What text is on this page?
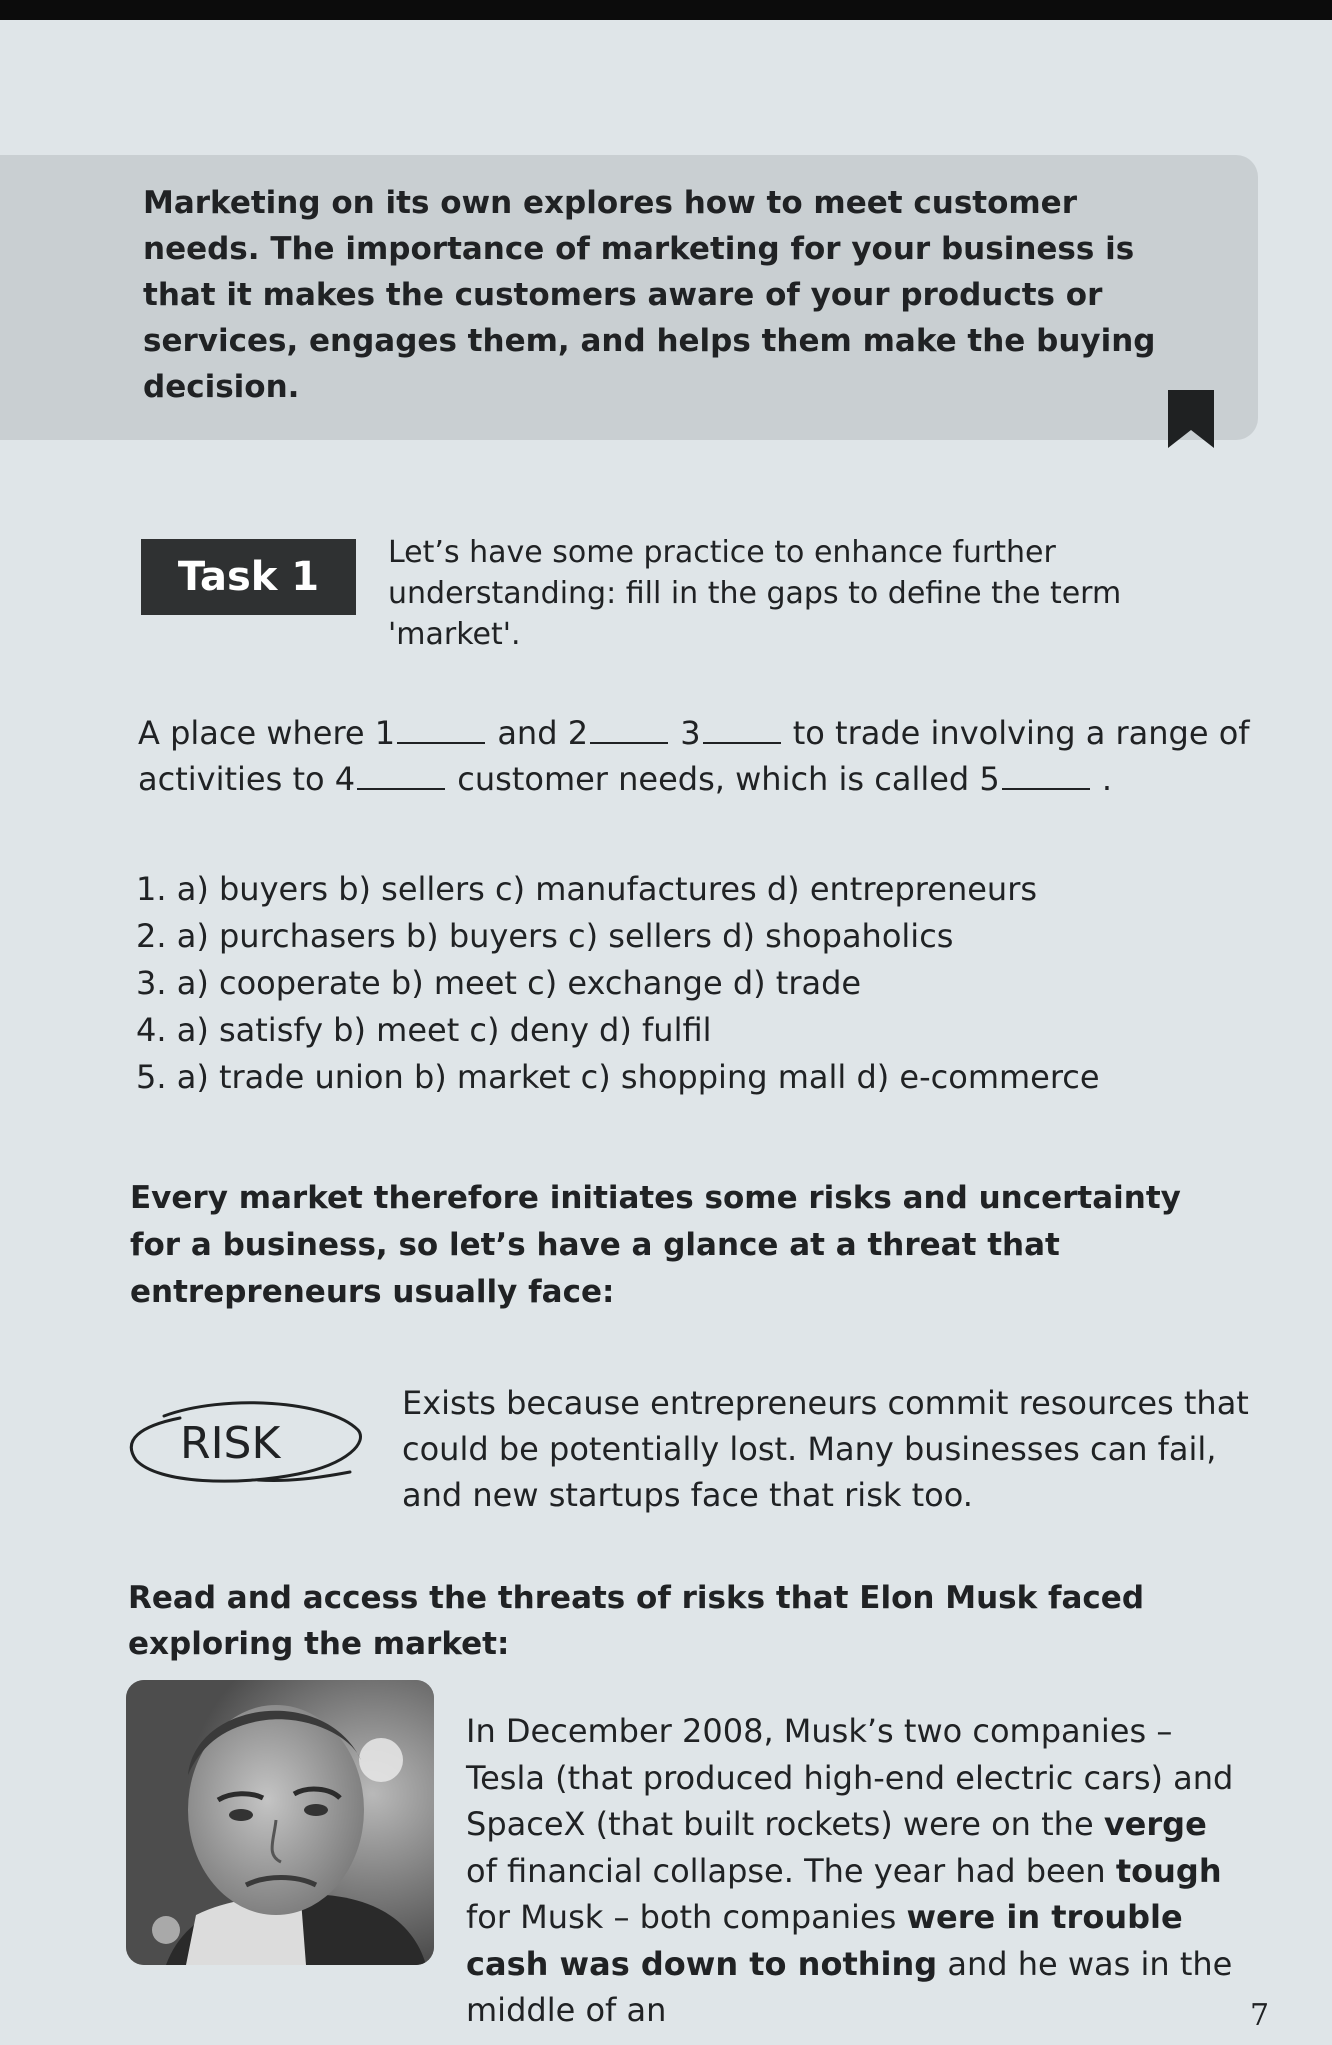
Marketing on its own explores how to meet customer needs. The importance of marketing for your business is that it makes the customers aware of your products or services, engages them, and helps them make the buying decision.

Task 1

Let’s have some practice to enhance further understanding: fill in the gaps to define the term 'market'.

A place where 1	and 2	3	to trade involving a range of activities to 4	customer needs, which is called 5	.

1. a) buyers b) sellers c) manufactures d) entrepreneurs
2. a) purchasers b) buyers c) sellers d) shopaholics
3. a) cooperate b) meet c) exchange d) trade
4. a) satisfy b) meet c) deny d) fulfil
5. a) trade union b) market c) shopping mall d) e-commerce

Every market therefore initiates some risks and uncertainty for a business, so let’s have a glance at a threat that entrepreneurs usually face:

RISK

Exists because entrepreneurs commit resources that could be potentially lost. Many businesses can fail, and new startups face that risk too.

Read and access the threats of risks that Elon Musk faced exploring the market:

In December 2008, Musk’s two companies – Tesla (that produced high-end electric cars) and SpaceX (that built rockets) were on the verge of financial collapse. The year had been tough for Musk – both companies were in trouble cash was down to nothing and he was in the middle of an	7
